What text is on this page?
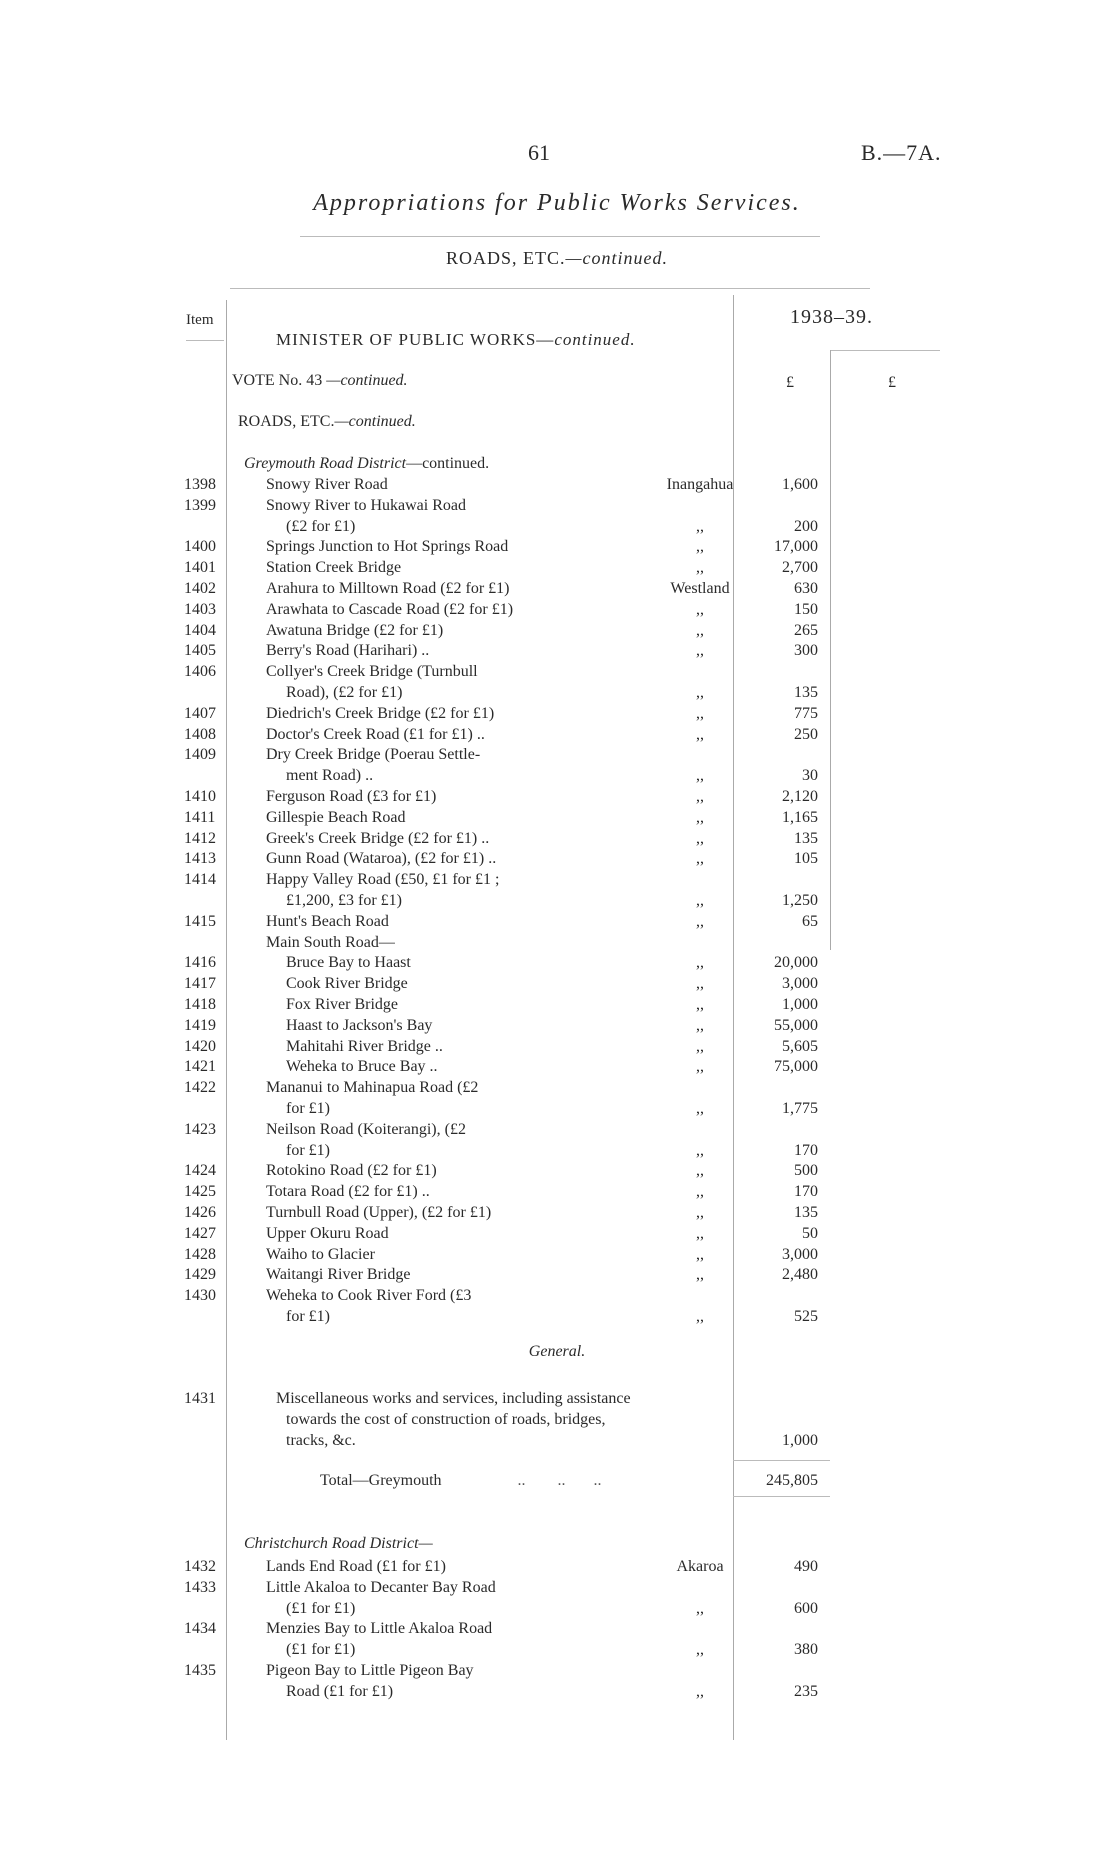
61	B.—7A.
Appropriations for Public Works Services.
ROADS, ETC.—continued.
Item	1938–39.
MINISTER OF PUBLIC WORKS—continued.
VOTE No. 43 —continued.	£	£
ROADS, ETC.—continued.
Greymouth Road District—continued.
1398	Snowy River Road	Inangahua	1,600
1399	Snowy River to Hukawai Road
(£2 for £1)	,,	200
1400	Springs Junction to Hot Springs Road	,,	17,000
1401	Station Creek Bridge	,,	2,700
1402	Arahura to Milltown Road (£2 for £1)	Westland	630
1403	Arawhata to Cascade Road (£2 for £1)	,,	150
1404	Awatuna Bridge (£2 for £1)	,,	265
1405	Berry's Road (Harihari) ..	,,	300
1406	Collyer's Creek Bridge (Turnbull
Road), (£2 for £1)	,,	135
1407	Diedrich's Creek Bridge (£2 for £1)	,,	775
1408	Doctor's Creek Road (£1 for £1) ..	,,	250
1409	Dry Creek Bridge (Poerau Settle-
ment Road) ..	,,	30
1410	Ferguson Road (£3 for £1)	,,	2,120
1411	Gillespie Beach Road	,,	1,165
1412	Greek's Creek Bridge (£2 for £1) ..	,,	135
1413	Gunn Road (Wataroa), (£2 for £1) ..	,,	105
1414	Happy Valley Road (£50, £1 for £1 ;
£1,200, £3 for £1)	,,	1,250
1415	Hunt's Beach Road	,,	65
Main South Road—
1416	Bruce Bay to Haast	,,	20,000
1417	Cook River Bridge	,,	3,000
1418	Fox River Bridge	,,	1,000
1419	Haast to Jackson's Bay	,,	55,000
1420	Mahitahi River Bridge ..	,,	5,605
1421	Weheka to Bruce Bay ..	,,	75,000
1422	Mananui to Mahinapua Road (£2
for £1)	,,	1,775
1423	Neilson Road (Koiterangi), (£2
for £1)	,,	170
1424	Rotokino Road (£2 for £1)	,,	500
1425	Totara Road (£2 for £1) ..	,,	170
1426	Turnbull Road (Upper), (£2 for £1)	,,	135
1427	Upper Okuru Road	,,	50
1428	Waiho to Glacier	,,	3,000
1429	Waitangi River Bridge	,,	2,480
1430	Weheka to Cook River Ford (£3
for £1)	,,	525
General.
1431	Miscellaneous works and services, including assistance
towards the cost of construction of roads, bridges,
tracks, &c.	1,000
Total—Greymouth                   ..        ..       ..	245,805
Christchurch Road District—
1432	Lands End Road (£1 for £1)	Akaroa	490
1433	Little Akaloa to Decanter Bay Road
(£1 for £1)	,,	600
1434	Menzies Bay to Little Akaloa Road
(£1 for £1)	,,	380
1435	Pigeon Bay to Little Pigeon Bay
Road (£1 for £1)	,,	235
